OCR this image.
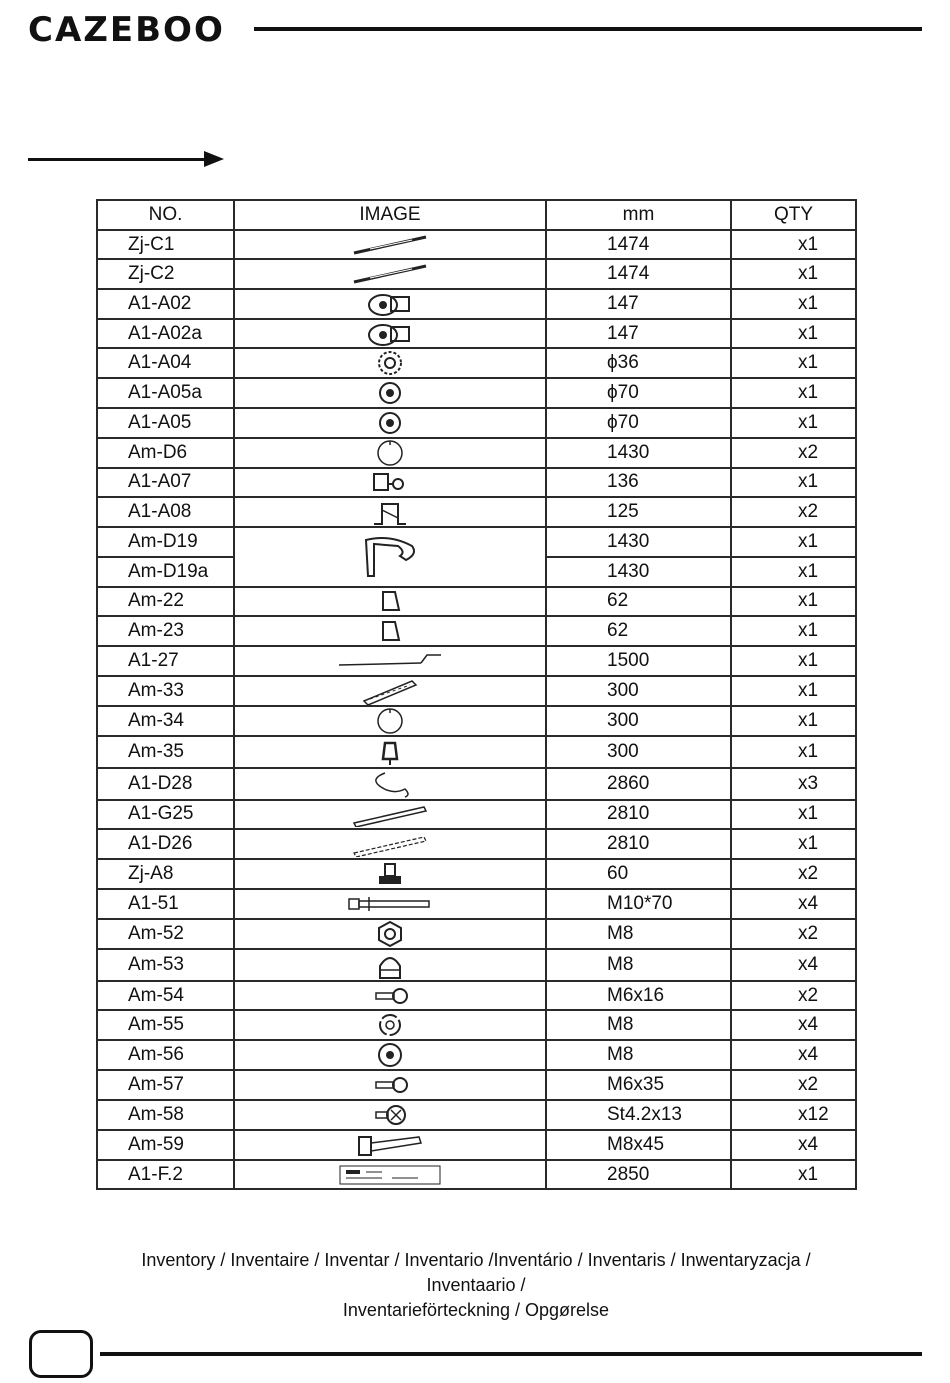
CAZEBOO
NO.	IMAGE	mm	QTY
Zj-C1		1474	x1
Zj-C2		1474	x1
A1-A02		147	x1
A1-A02a		147	x1
A1-A04		ϕ36	x1
A1-A05a		ϕ70	x1
A1-A05		ϕ70	x1
Am-D6		1430	x2
A1-A07		136	x1
A1-A08		125	x2
Am-D19		1430	x1
Am-D19a		1430	x1
Am-22		62	x1
Am-23		62	x1
A1-27		1500	x1
Am-33		300	x1
Am-34		300	x1
Am-35		300	x1
A1-D28		2860	x3
A1-G25		2810	x1
A1-D26		2810	x1
Zj-A8		60	x2
A1-51		M10*70	x4
Am-52		M8	x2
Am-53		M8	x4
Am-54		M6x16	x2
Am-55		M8	x4
Am-56		M8	x4
Am-57		M6x35	x2
Am-58		St4.2x13	x12
Am-59		M8x45	x4
A1-F.2		2850	x1
Inventory / Inventaire / Inventar / Inventario /Inventário / Inventaris / Inwentaryzacja / Inventaario /
Inventarieförteckning / Opgørelse
